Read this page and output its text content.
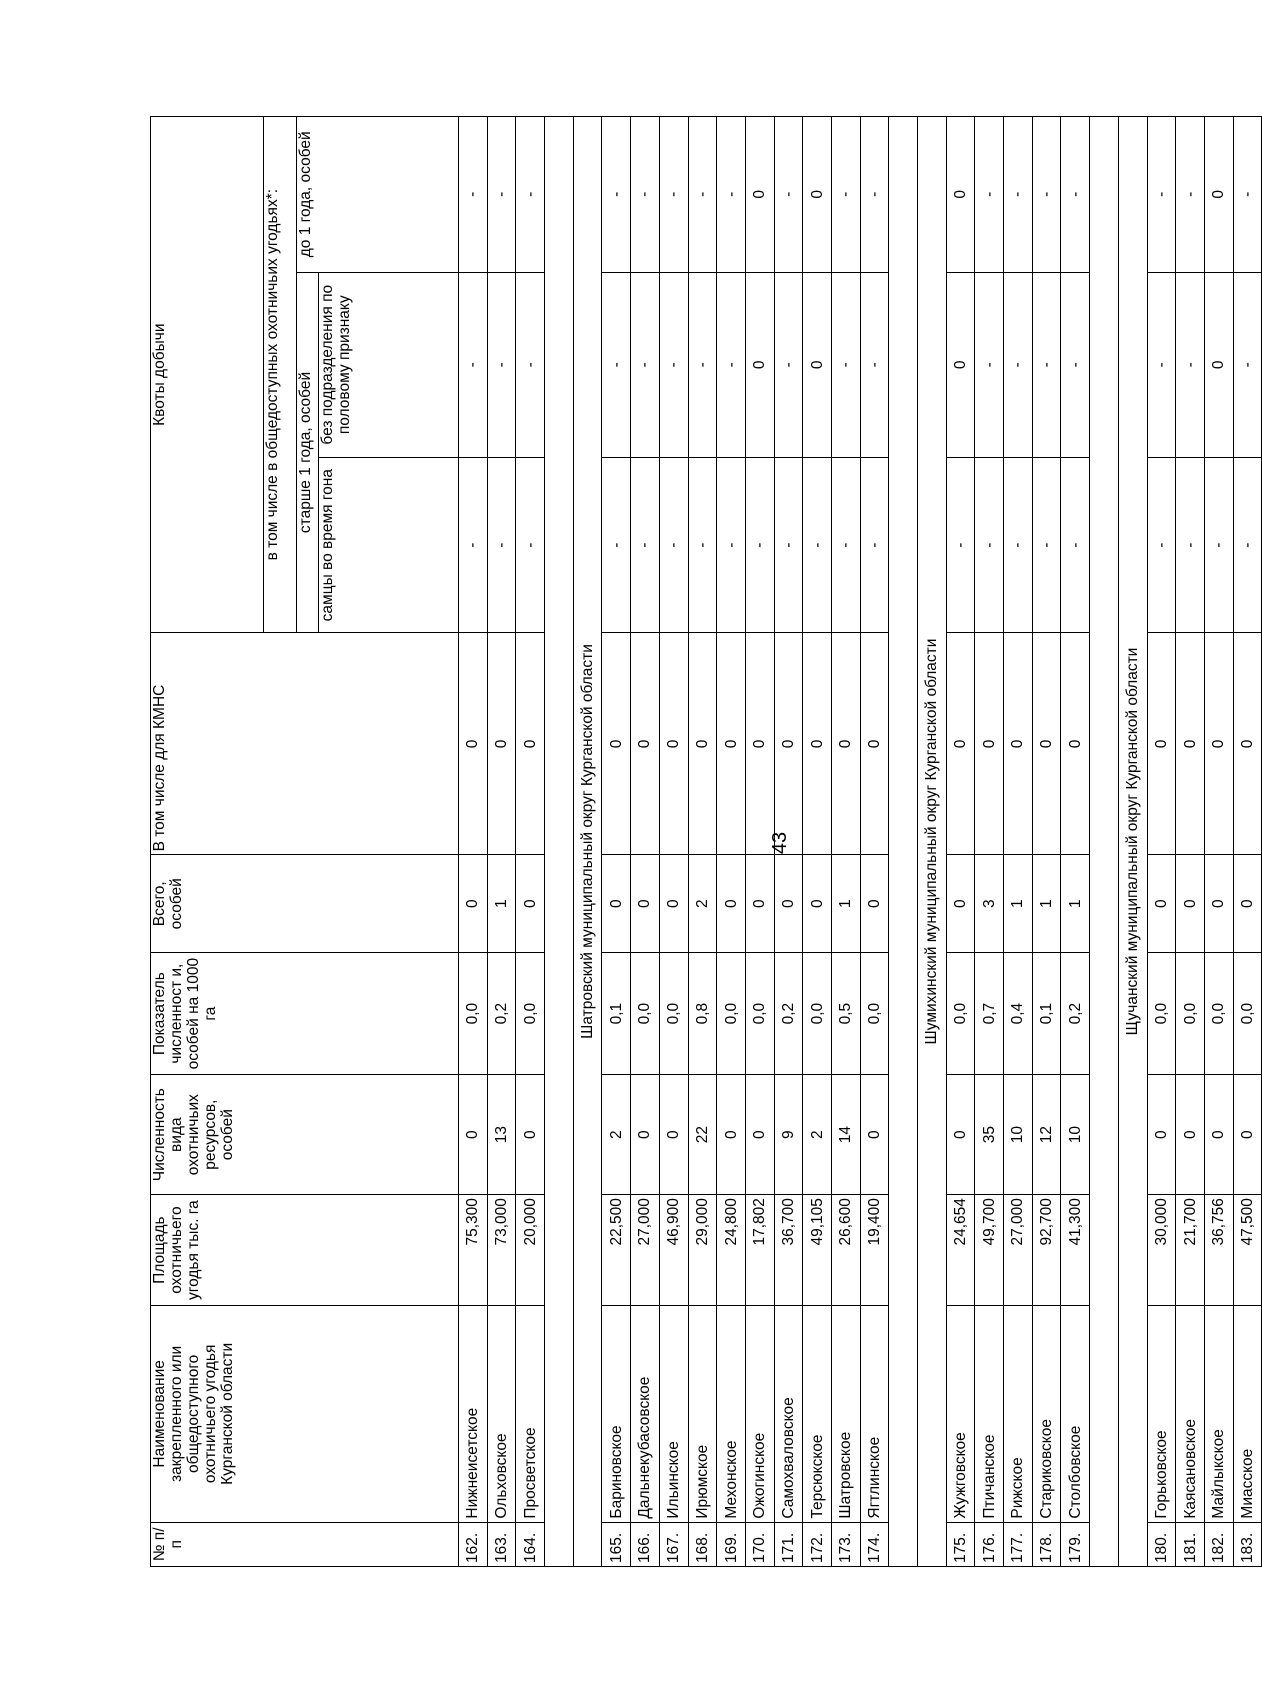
43
№ п/п	Наименование закрепленного или общедоступного охотничьего угодья Курганской области	Площадь охотничьего угодья тыс. га	Численность вида охотничьих ресурсов, особей	Показатель численност и, особей на 1000 га	Всего, особей	В том числе для КМНС	Квоты добычи		
							в том числе в общедоступных охотничьих угодьях*:		
							старше 1 года, особей		до 1 года, особей
							самцы во время гона	без подразделения по половому признаку	
162.	Нижнеисетское	75,300	0	0,0	0	0	-	-	-
163.	Ольховское	73,000	13	0,2	1	0	-	-	-
164.	Просветское	20,000	0	0,0	0	0	-	-	-

Шатровский муниципальный округ Курганской области									
165.	Бариновское	22,500	2	0,1	0	0	-	-	-
166.	Дальнекубасовское	27,000	0	0,0	0	0	-	-	-
167.	Ильинское	46,900	0	0,0	0	0	-	-	-
168.	Ирюмское	29,000	22	0,8	2	0	-	-	-
169.	Мехонское	24,800	0	0,0	0	0	-	-	-
170.	Ожогинское	17,802	0	0,0	0	0	-	0	0
171.	Самохваловское	36,700	9	0,2	0	0	-	-	-
172.	Терсюкское	49,105	2	0,0	0	0	-	0	0
173.	Шатровское	26,600	14	0,5	1	0	-	-	-
174.	Ягтлинское	19,400	0	0,0	0	0	-	-	-

Шумихинский муниципальный округ Курганской области									
175.	Жужговское	24,654	0	0,0	0	0	-	0	0
176.	Птичанское	49,700	35	0,7	3	0	-	-	-
177.	Рижское	27,000	10	0,4	1	0	-	-	-
178.	Стариковское	92,700	12	0,1	1	0	-	-	-
179.	Столбовское	41,300	10	0,2	1	0	-	-	-

Щучанский муниципальный округ Курганской области									
180.	Горьковское	30,000	0	0,0	0	0	-	-	-
181.	Каясановское	21,700	0	0,0	0	0	-	-	-
182.	Майлыкское	36,756	0	0,0	0	0	-	0	0
183.	Миасское	47,500	0	0,0	0	0	-	-	-
